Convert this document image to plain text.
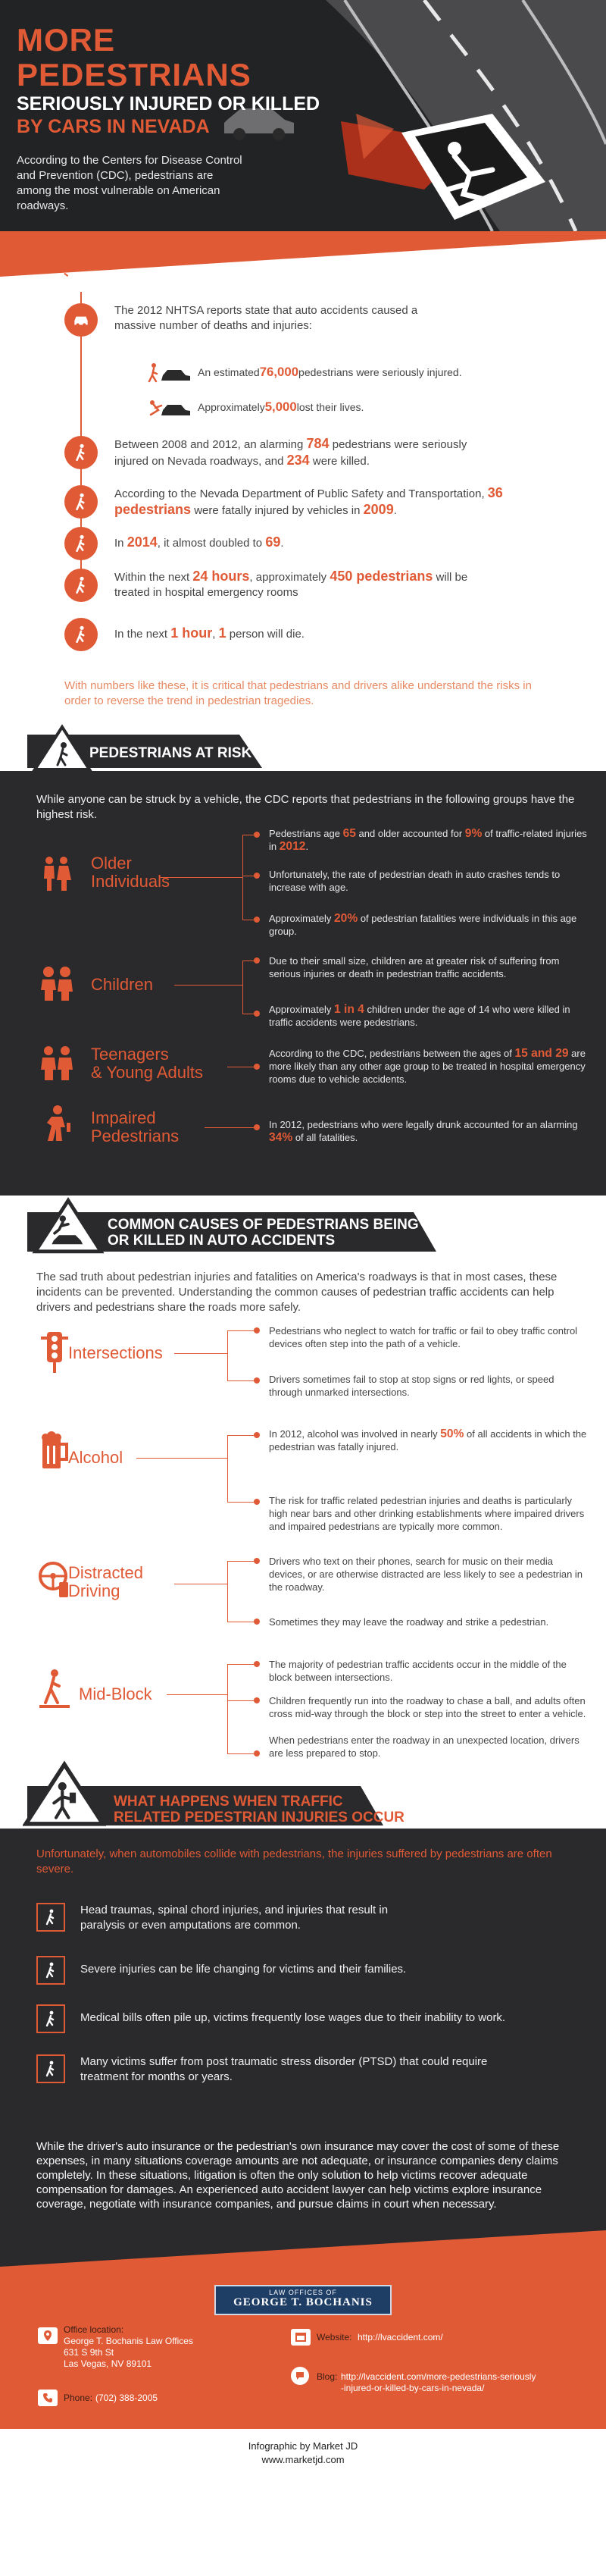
MORE PEDESTRIANS
SERIOUSLY INJURED OR KILLED
BY CARS IN NEVADA

According to the Centers for Disease Control and Prevention (CDC), pedestrians are among the most vulnerable on American roadways.

The 2012 NHTSA reports state that auto accidents caused a massive number of deaths and injuries:

An estimated 76,000 pedestrians were seriously injured.
Approximately 5,000 lost their lives.

Between 2008 and 2012, an alarming 784 pedestrians were seriously injured on Nevada roadways, and 234 were killed.

According to the Nevada Department of Public Safety and Transportation, 36 pedestrians were fatally injured by vehicles in 2009.

In 2014, it almost doubled to 69.

Within the next 24 hours, approximately 450 pedestrians will be treated in hospital emergency rooms

In the next 1 hour, 1 person will die.

With numbers like these, it is critical that pedestrians and drivers alike understand the risks in order to reverse the trend in pedestrian tragedies.

PEDESTRIANS AT RISK

While anyone can be struck by a vehicle, the CDC reports that pedestrians in the following groups have the highest risk.

Older
Individuals

Pedestrians age 65 and older accounted for 9% of traffic-related injuries in 2012.

Unfortunately, the rate of pedestrian death in auto crashes tends to increase with age.

Approximately 20% of pedestrian fatalities were individuals in this age group.

Children

Due to their small size, children are at greater risk of suffering from serious injuries or death in pedestrian traffic accidents.

Approximately 1 in 4 children under the age of 14 who were killed in traffic accidents were pedestrians.

Teenagers
& Young Adults

According to the CDC, pedestrians between the ages of 15 and 29 are more likely than any other age group to be treated in hospital emergency rooms due to vehicle accidents.

Impaired
Pedestrians

In 2012, pedestrians who were legally drunk accounted for an alarming 34% of all fatalities.

COMMON CAUSES OF PEDESTRIANS BEING INJURED
OR KILLED IN AUTO ACCIDENTS

The sad truth about pedestrian injuries and fatalities on America's roadways is that in most cases, these incidents can be prevented. Understanding the common causes of pedestrian traffic accidents can help drivers and pedestrians share the roads more safely.

Intersections

Pedestrians who neglect to watch for traffic or fail to obey traffic control devices often step into the path of a vehicle.

Drivers sometimes fail to stop at stop signs or red lights, or speed through unmarked intersections.

Alcohol

In 2012, alcohol was involved in nearly 50% of all accidents in which the pedestrian was fatally injured.

The risk for traffic related pedestrian injuries and deaths is particularly high near bars and other drinking establishments where impaired drivers and impaired pedestrians are typically more common.

Distracted
Driving

Drivers who text on their phones, search for music on their media devices, or are otherwise distracted are less likely to see a pedestrian in the roadway.

Sometimes they may leave the roadway and strike a pedestrian.

Mid-Block

The majority of pedestrian traffic accidents occur in the middle of the block between intersections.

Children frequently run into the roadway to chase a ball, and adults often cross mid-way through the block or step into the street to enter a vehicle.

When pedestrians enter the roadway in an unexpected location, drivers are less prepared to stop.

WHAT HAPPENS WHEN TRAFFIC
RELATED PEDESTRIAN INJURIES OCCUR

Unfortunately, when automobiles collide with pedestrians, the injuries suffered by pedestrians are often severe.

Head traumas, spinal chord injuries, and injuries that result in paralysis or even amputations are common.

Severe injuries can be life changing for victims and their families.

Medical bills often pile up, victims frequently lose wages due to their inability to work.

Many victims suffer from post traumatic stress disorder (PTSD) that could require treatment for months or years.

While the driver's auto insurance or the pedestrian's own insurance may cover the cost of some of these expenses, in many situations coverage amounts are not adequate, or insurance companies deny claims completely. In these situations, litigation is often the only solution to help victims recover adequate compensation for damages. An experienced auto accident lawyer can help victims explore insurance coverage, negotiate with insurance companies, and pursue claims in court when necessary.

LAW OFFICES OF
GEORGE T. BOCHANIS
Office location:
George T. Bochanis Law Offices
631 S 9th St
Las Vegas, NV 89101
Phone: (702) 388-2005
Website: http://lvaccident.com/
Blog: http://lvaccident.com/more-pedestrians-seriously
-injured-or-killed-by-cars-in-nevada/
Infographic by Market JD
www.marketjd.com
